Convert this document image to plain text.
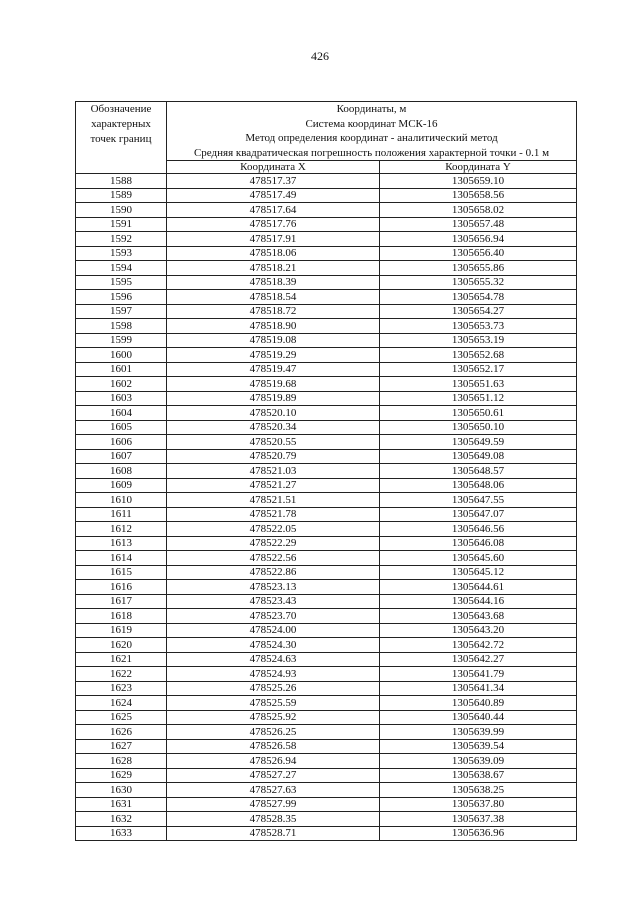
426
Обозначение
характерных
точек границ	Координаты, м
Система координат МСК-16
Метод определения координат - аналитический метод
Средняя квадратическая погрешность положения характерной точки - 0.1 м	

	Координата X	Координата Y
1588	478517.37	1305659.10
1589	478517.49	1305658.56
1590	478517.64	1305658.02
1591	478517.76	1305657.48
1592	478517.91	1305656.94
1593	478518.06	1305656.40
1594	478518.21	1305655.86
1595	478518.39	1305655.32
1596	478518.54	1305654.78
1597	478518.72	1305654.27
1598	478518.90	1305653.73
1599	478519.08	1305653.19
1600	478519.29	1305652.68
1601	478519.47	1305652.17
1602	478519.68	1305651.63
1603	478519.89	1305651.12
1604	478520.10	1305650.61
1605	478520.34	1305650.10
1606	478520.55	1305649.59
1607	478520.79	1305649.08
1608	478521.03	1305648.57
1609	478521.27	1305648.06
1610	478521.51	1305647.55
1611	478521.78	1305647.07
1612	478522.05	1305646.56
1613	478522.29	1305646.08
1614	478522.56	1305645.60
1615	478522.86	1305645.12
1616	478523.13	1305644.61
1617	478523.43	1305644.16
1618	478523.70	1305643.68
1619	478524.00	1305643.20
1620	478524.30	1305642.72
1621	478524.63	1305642.27
1622	478524.93	1305641.79
1623	478525.26	1305641.34
1624	478525.59	1305640.89
1625	478525.92	1305640.44
1626	478526.25	1305639.99
1627	478526.58	1305639.54
1628	478526.94	1305639.09
1629	478527.27	1305638.67
1630	478527.63	1305638.25
1631	478527.99	1305637.80
1632	478528.35	1305637.38
1633	478528.71	1305636.96
